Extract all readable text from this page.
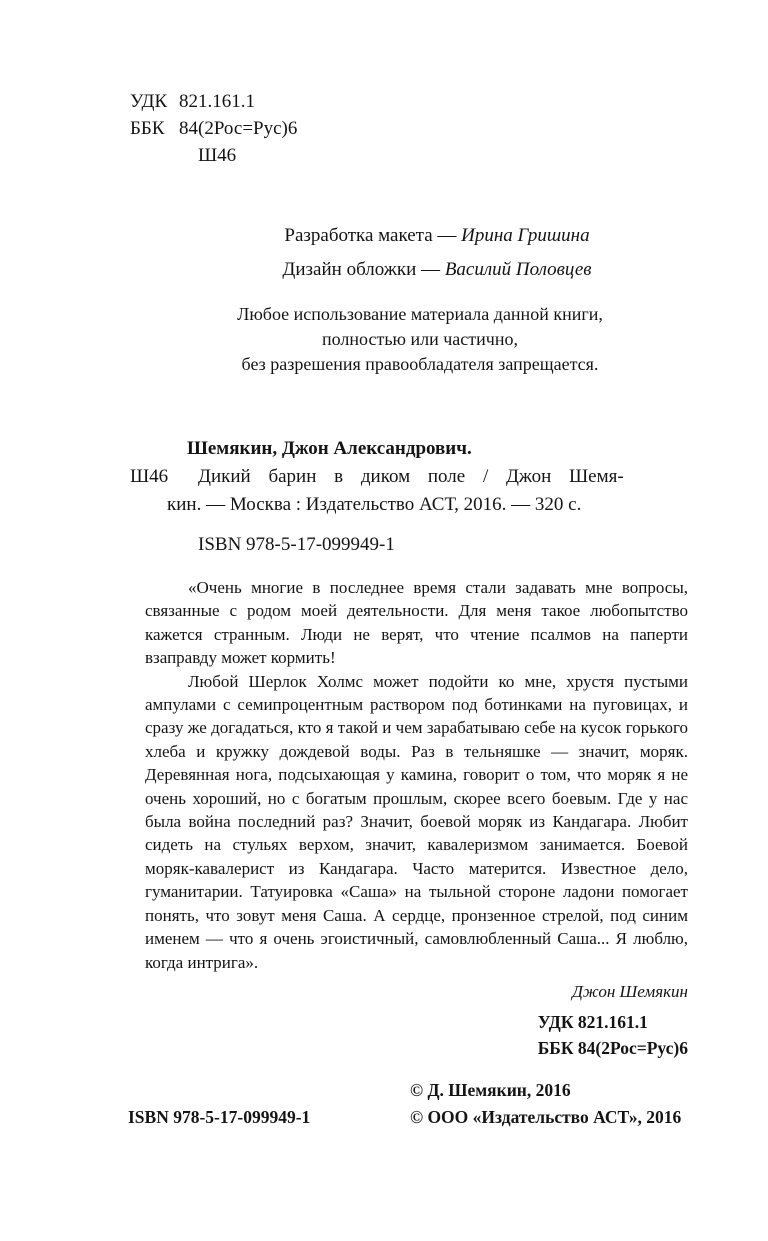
УДК 821.161.1
ББК 84(2Рос=Рус)6
Ш46
Разработка макета — Ирина Гришина
Дизайн обложки — Василий Половцев
Любое использование материала данной книги,
полностью или частично,
без разрешения правообладателя запрещается.
Ш46
Шемякин, Джон Александрович.
Дикий барин в диком поле / Джон Шемя-
кин. — Москва : Издательство АСТ, 2016. — 320 с.
ISBN 978-5-17-099949-1

«Очень многие в последнее время стали задавать мне вопросы, связанные с родом моей деятельности. Для меня такое любопытство кажется странным. Люди не верят, что чтение псалмов на паперти взаправду может кормить!

Любой Шерлок Холмс может подойти ко мне, хрустя пустыми ампулами с семипроцентным раствором под ботинками на пуговицах, и сразу же догадаться, кто я такой и чем зарабатываю себе на кусок горького хлеба и кружку дождевой воды. Раз в тельняшке — значит, моряк. Деревянная нога, подсыхающая у камина, говорит о том, что моряк я не очень хороший, но с богатым прошлым, скорее всего боевым. Где у нас была война последний раз? Значит, боевой моряк из Кандагара. Любит сидеть на стульях верхом, значит, кавалеризмом занимается. Боевой моряк-кавалерист из Кандагара. Часто матерится. Известное дело, гуманитарии. Татуировка «Саша» на тыльной стороне ладони помогает понять, что зовут меня Саша. А сердце, пронзенное стрелой, под синим именем — что я очень эгоистичный, самовлюбленный Саша... Я люблю, когда интрига».

Джон Шемякин
УДК 821.161.1
ББК 84(2Рос=Рус)6
ISBN 978-5-17-099949-1
© Д. Шемякин, 2016
© ООО «Издательство АСТ», 2016
